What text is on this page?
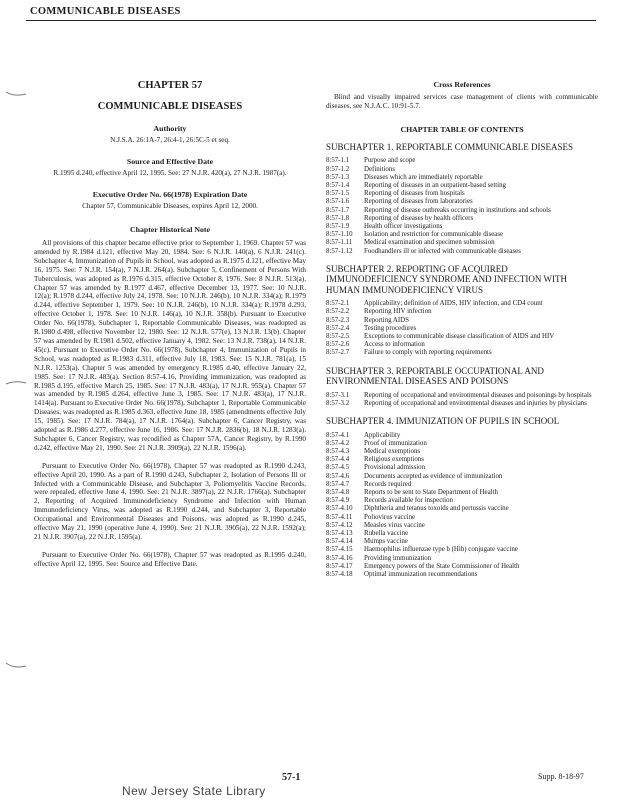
COMMUNICABLE DISEASES
CHAPTER 57
COMMUNICABLE DISEASES
Authority
N.J.S.A. 26:1A-7, 26:4-1, 26:5C-5 et seq.
Source and Effective Date
R.1995 d.240, effective April 12, 1995. See: 27 N.J.R. 420(a), 27 N.J.R. 1987(a).
Executive Order No. 66(1978) Expiration Date
Chapter 57, Communicable Diseases, expires April 12, 2000.
Chapter Historical Note

All provisions of this chapter became effective prior to September 1, 1969. Chapter 57 was amended by R.1984 d.121, effective May 20, 1984. See: 6 N.J.R. 140(a), 6 N.J.R. 241(c). Subchapter 4, Immunization of Pupils in School, was adopted as R.1975 d.121, effective May 16, 1975. See: 7 N.J.R. 154(a), 7 N.J.R. 264(a). Subchapter 5, Confinement of Persons With Tuberculosis, was adopted as R.1976 d.315, effective October 8, 1976. See: 8 N.J.R. 513(a). Chapter 57 was amended by R.1977 d.467, effective December 13, 1977. See: 10 N.J.R. 12(a); R.1978 d.244, effective July 24, 1978. See: 10 N.J.R. 246(b), 10 N.J.R. 334(a); R.1979 d.244, effective September 1, 1979. See: 10 N.J.R. 246(b), 10 N.J.R. 334(a); R.1978 d.293, effective October 1, 1978. See: 10 N.J.R. 146(a), 10 N.J.R. 358(b). Pursuant to Executive Order No. 66(1978), Subchapter 1, Reportable Communicable Diseases, was readopted as R.1980 d.498, effective November 12, 1980. See: 12 N.J.R. 577(e), 13 N.J.R. 13(b). Chapter 57 was amended by R.1981 d.502, effective January 4, 1982. See: 13 N.J.R. 738(a), 14 N.J.R. 45(c). Pursuant to Executive Order No. 66(1978), Subchapter 4, Immunization of Pupils in School, was readopted as R.1983 d.311, effective July 18, 1983. See: 15 N.J.R. 781(a), 15 N.J.R. 1253(a). Chapter 5 was amended by emergency R.1985 d.40, effective January 22, 1985. See: 17 N.J.R. 483(a). Section 8:57-4.16, Providing immunization, was readopted as R.1985 d.195, effective March 25, 1985. See: 17 N.J.R. 483(a), 17 N.J.R. 955(a). Chapter 57 was amended by R.1985 d.264, effective June 3, 1985. See: 17 N.J.R. 483(a), 17 N.J.R. 1414(a). Pursuant to Executive Order No. 66(1978), Subchapter 1, Reportable Communicable Diseases, was readopted as R.1985 d.363, effective June 18, 1985 (amendments effective July 15, 1985). See: 17 N.J.R. 784(a), 17 N.J.R. 1764(a). Subchapter 6, Cancer Registry, was adopted as R.1986 d.277, effective June 16, 1986. See: 17 N.J.R. 2836(b), 18 N.J.R. 1283(a). Subchapter 6, Cancer Registry, was recodified as Chapter 57A, Cancer Registry, by R.1990 d.242, effective May 21, 1990. See: 21 N.J.R. 3909(a), 22 N.J.R. 1596(a).

Pursuant to Executive Order No. 66(1978), Chapter 57 was readopted as R.1990 d.243, effective April 20, 1990. As a part of R.1990 d.243, Subchapter 2, Isolation of Persons Ill or Infected with a Communicable Disease, and Subchapter 3, Poliomyelitis Vaccine Records, were repealed, effective June 4, 1990. See: 21 N.J.R. 3897(a), 22 N.J.R. 1766(a). Subchapter 2, Reporting of Acquired Immunodeficiency Syndrome and Infection with Human Immunodeficiency Virus, was adopted as R.1990 d.244, and Subchapter 3, Reportable Occupational and Environmental Diseases and Poisons, was adopted as R.1990 d.245, effective May 21, 1990 (operative June 4, 1990). See: 21 N.J.R. 3905(a), 22 N.J.R. 1592(a); 21 N.J.R. 3907(a), 22 N.J.R. 1595(a).

Pursuant to Executive Order No. 66(1978), Chapter 57 was readopted as R.1995 d.240, effective April 12, 1995. See: Source and Effective Date.

Cross References

Blind and visually impaired services case management of clients with communicable diseases, see N.J.A.C. 10:91-5.7.

CHAPTER TABLE OF CONTENTS
SUBCHAPTER 1. REPORTABLE COMMUNICABLE DISEASES
8:57-1.1	Purpose and scope
8:57-1.2	Definitions
8:57-1.3	Diseases which are immediately reportable
8:57-1.4	Reporting of diseases in an outpatient-based setting
8:57-1.5	Reporting of diseases from hospitals
8:57-1.6	Reporting of diseases from laboratories
8:57-1.7	Reporting of disease outbreaks occurring in institutions and schools
8:57-1.8	Reporting of diseases by health officers
8:57-1.9	Health officer investigations
8:57-1.10	Isolation and restriction for communicable disease
8:57-1.11	Medical examination and specimen submission
8:57-1.12	Foodhandlers ill or infected with communicable diseases
SUBCHAPTER 2. REPORTING OF ACQUIRED IMMUNODEFICIENCY SYNDROME AND INFECTION WITH HUMAN IMMUNODEFICIENCY VIRUS
8:57-2.1	Applicability; definition of AIDS, HIV infection, and CD4 count
8:57-2.2	Reporting HIV infection
8:57-2.3	Reporting AIDS
8:57-2.4	Testing procedures
8:57-2.5	Exceptions to communicable disease classification of AIDS and HIV
8:57-2.6	Access to information
8:57-2.7	Failure to comply with reporting requirements
SUBCHAPTER 3. REPORTABLE OCCUPATIONAL AND ENVIRONMENTAL DISEASES AND POISONS
8:57-3.1	Reporting of occupational and environmental diseases and poisonings by hospitals
8:57-3.2	Reporting of occupational and environmental diseases and injuries by physicians
SUBCHAPTER 4. IMMUNIZATION OF PUPILS IN SCHOOL
8:57-4.1	Applicability
8:57-4.2	Proof of immunization
8:57-4.3	Medical exemptions
8:57-4.4	Religious exemptions
8:57-4.5	Provisional admission
8:57-4.6	Documents accepted as evidence of immunization
8:57-4.7	Records required
8:57-4.8	Reports to be sent to State Department of Health
8:57-4.9	Records available for inspection
8:57-4.10	Diphtheria and tetanus toxoids and pertussis vaccine
8:57-4.11	Poliovirus vaccine
8:57-4.12	Measles virus vaccine
8:57-4.13	Rubella vaccine
8:57-4.14	Mumps vaccine
8:57-4.15	Haemophilus influenzae type b (Hib) conjugate vaccine
8:57-4.16	Providing immunization
8:57-4.17	Emergency powers of the State Commissioner of Health
8:57-4.18	Optimal immunization recommendations
57-1	Supp. 8-18-97
New Jersey State Library
